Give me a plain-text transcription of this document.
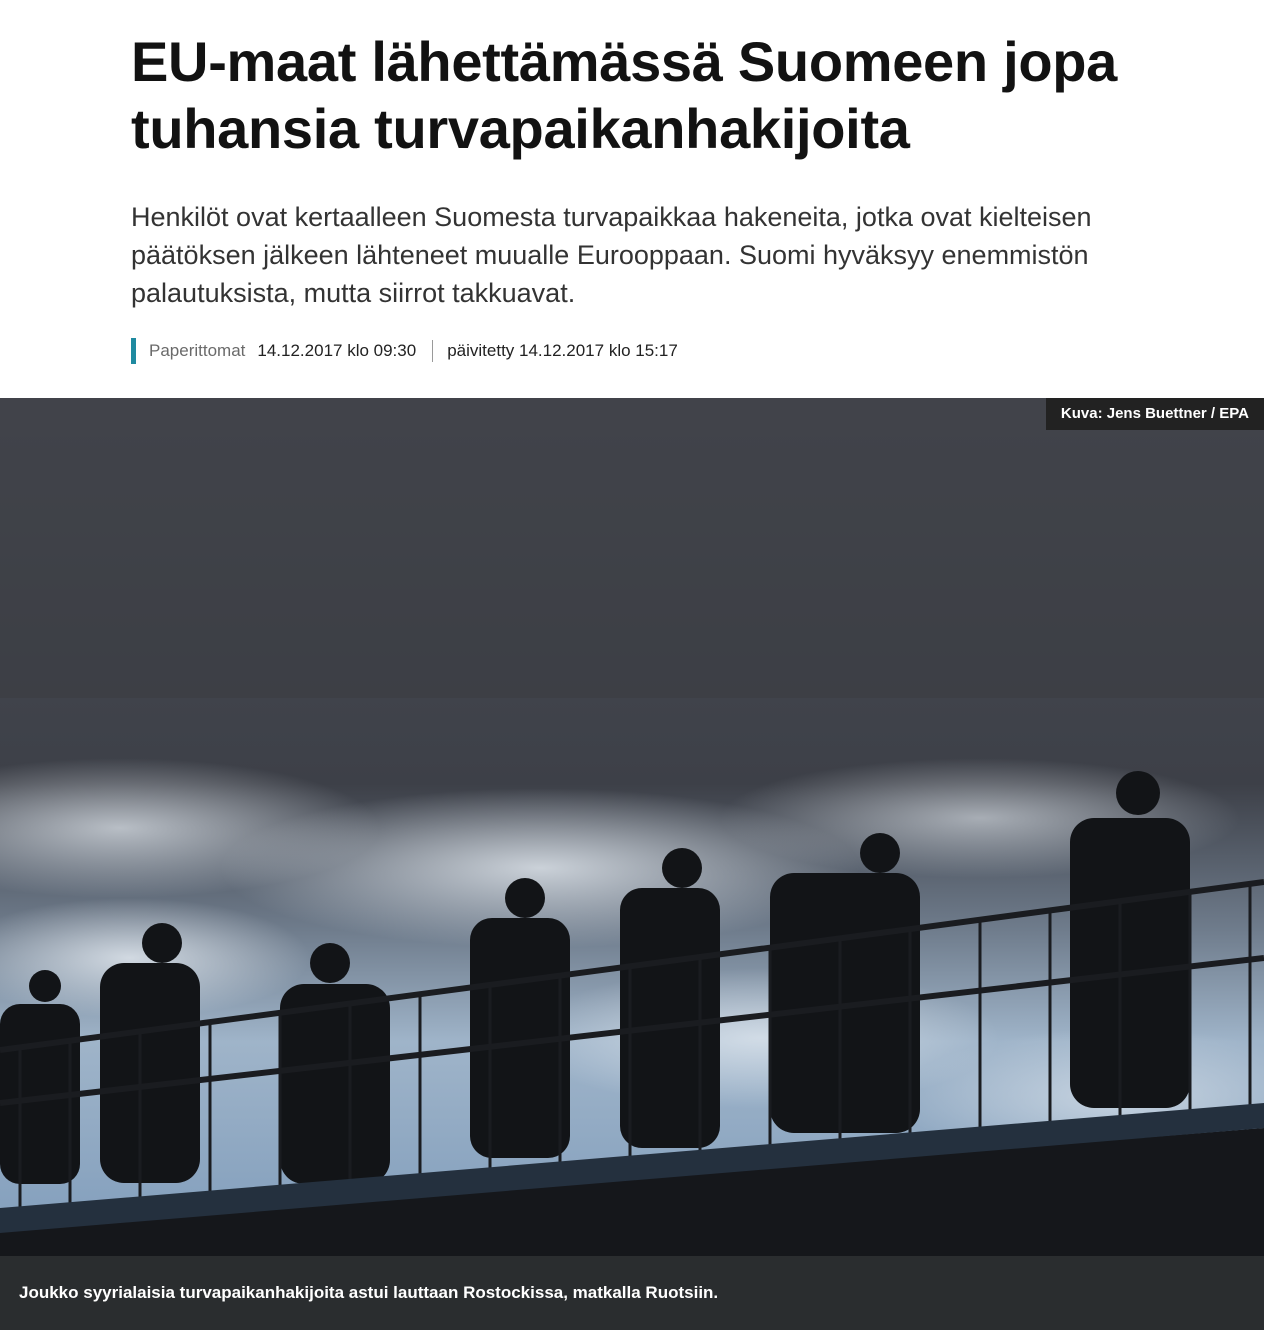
EU-maat lähettämässä Suomeen jopa tuhansia turvapaikanhakijoita

Henkilöt ovat kertaalleen Suomesta turvapaikkaa hakeneita, jotka ovat kielteisen päätöksen jälkeen lähteneet muualle Eurooppaan. Suomi hyväksyy enemmistön palautuksista, mutta siirrot takkuavat.

Paperittomat 14.12.2017 klo 09:30 päivitetty 14.12.2017 klo 15:17
Kuva: Jens Buettner / EPA
Joukko syyrialaisia turvapaikanhakijoita astui lauttaan Rostockissa, matkalla Ruotsiin.
